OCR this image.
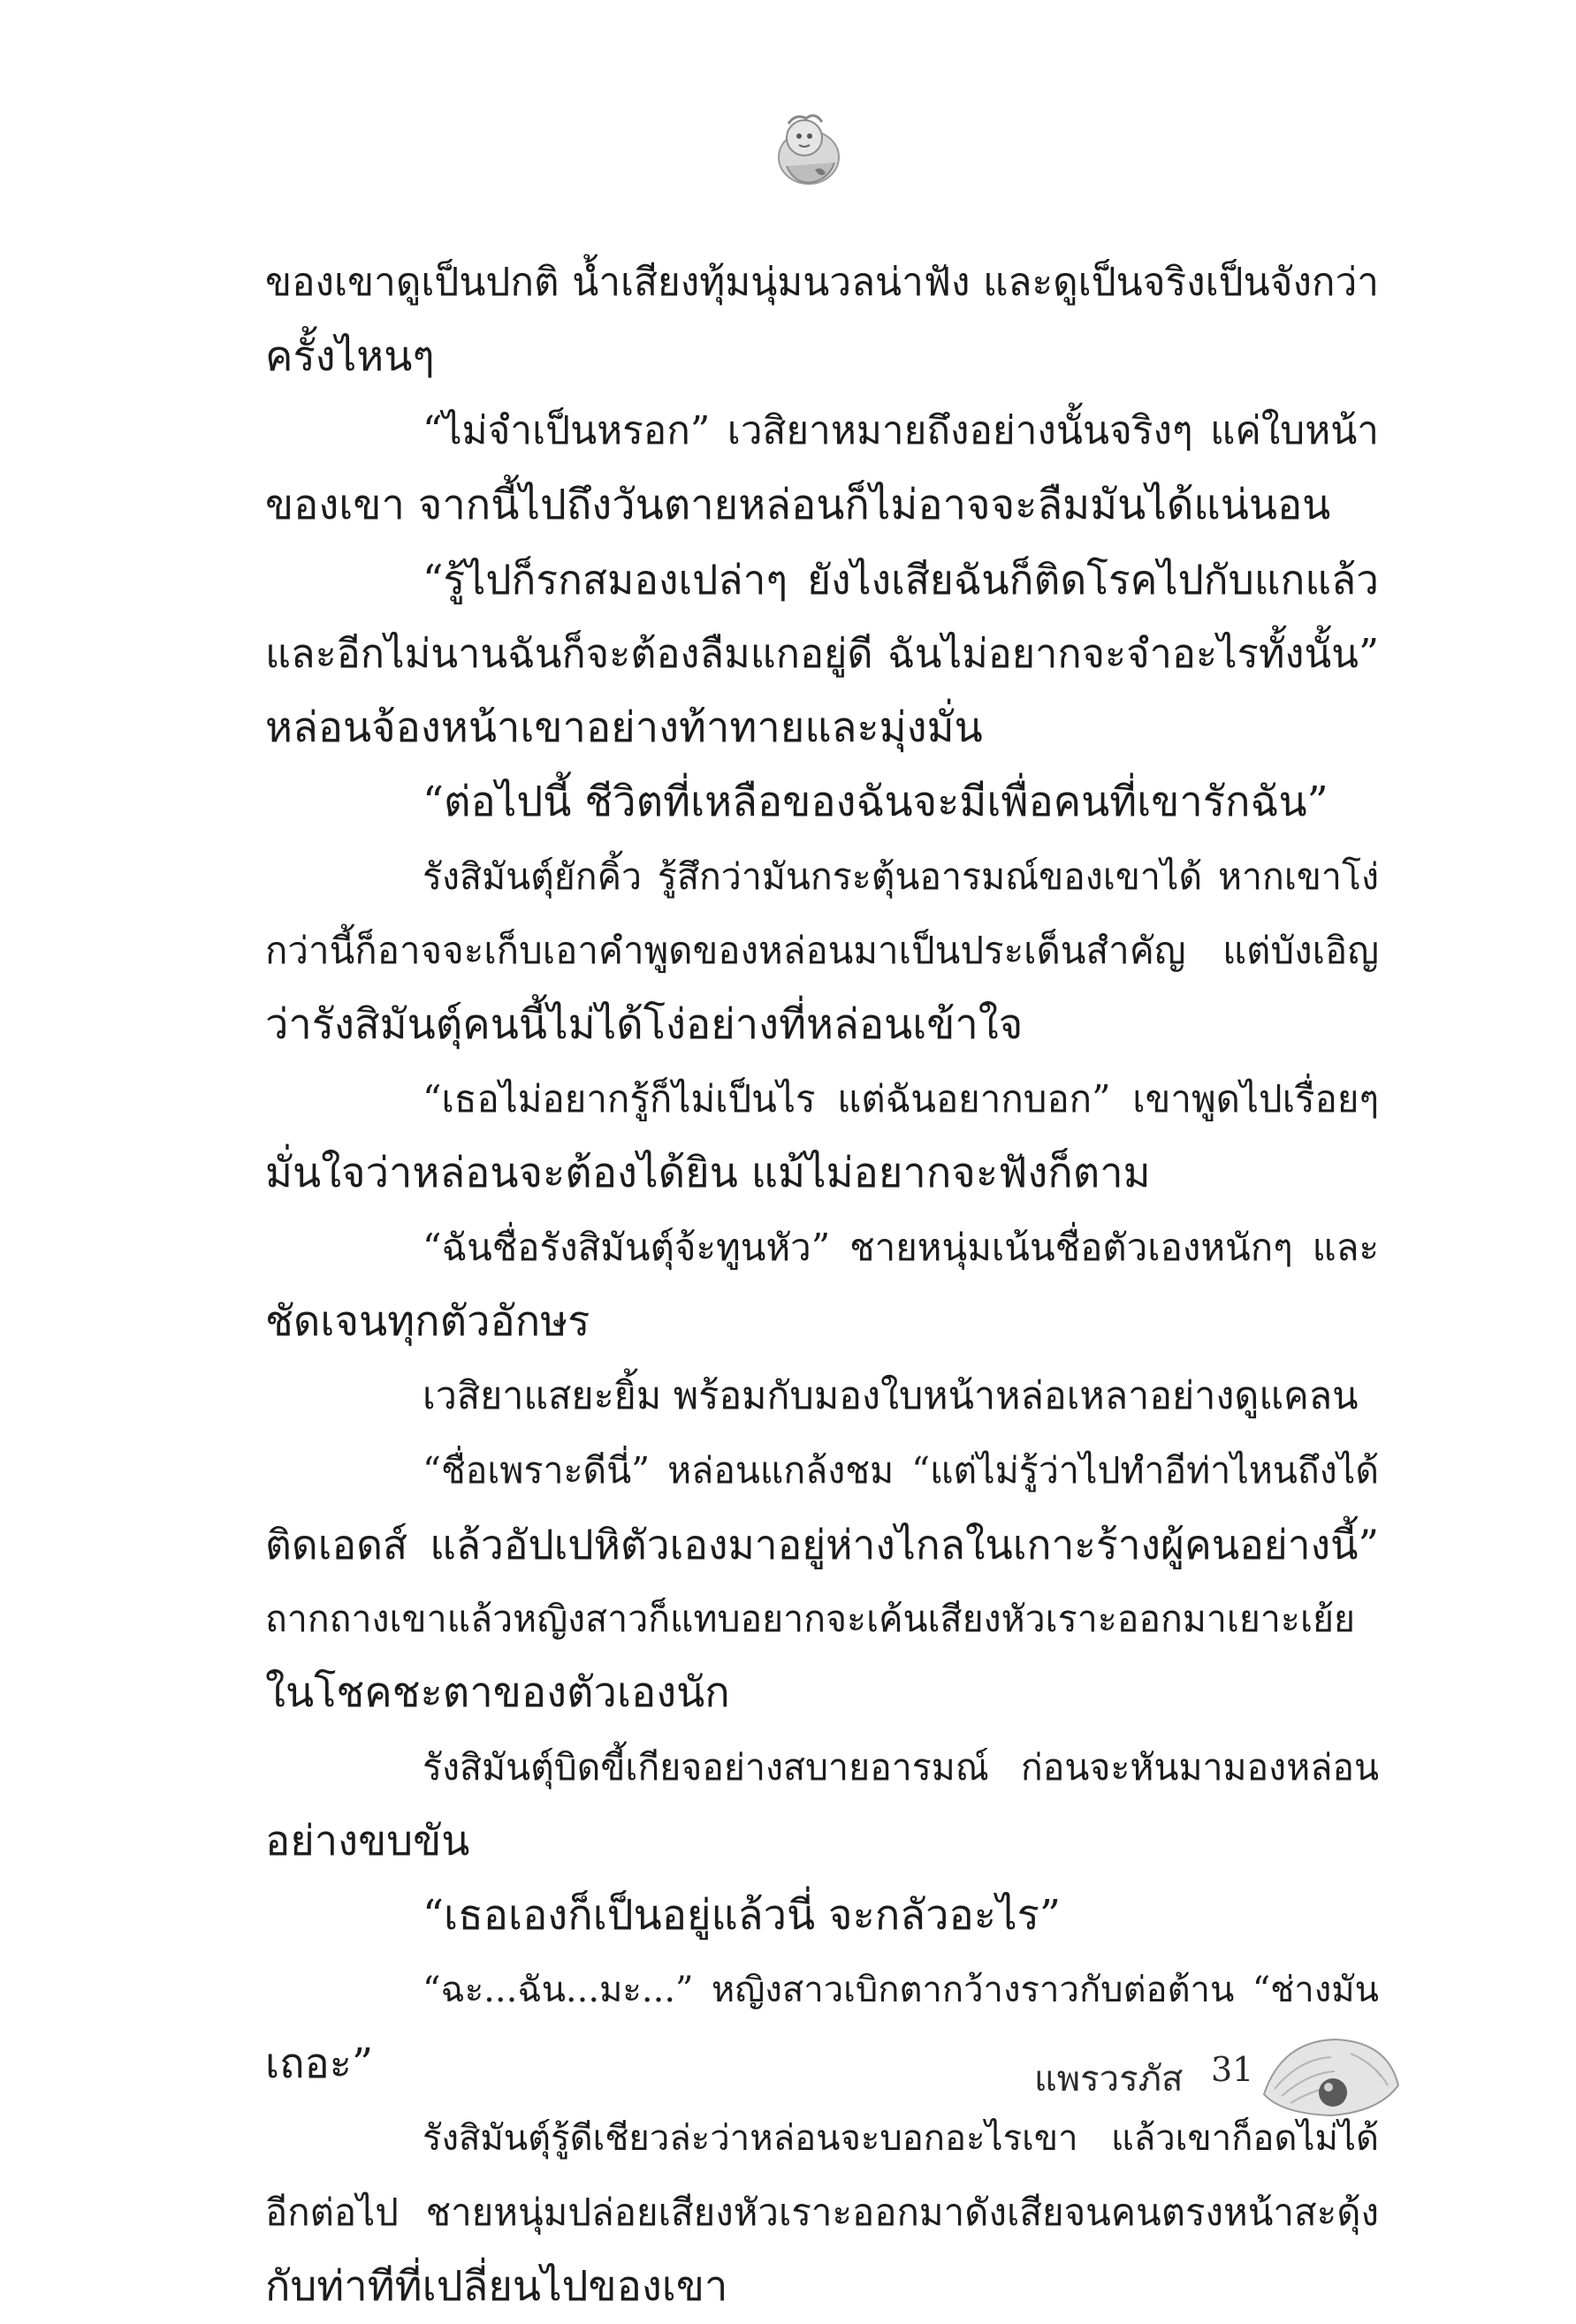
ของเขาดูเป็นปกติ น้ำเสียงทุ้มนุ่มนวลน่าฟัง และดูเป็นจริงเป็นจังกว่า
ครั้งไหนๆ
“ไม่จำเป็นหรอก” เวสิยาหมายถึงอย่างนั้นจริงๆ แค่ใบหน้า
ของเขา จากนี้ไปถึงวันตายหล่อนก็ไม่อาจจะลืมมันได้แน่นอน
“รู้ไปก็รกสมองเปล่าๆ ยังไงเสียฉันก็ติดโรคไปกับแกแล้ว
และอีกไม่นานฉันก็จะต้องลืมแกอยู่ดี ฉันไม่อยากจะจำอะไรทั้งนั้น”
หล่อนจ้องหน้าเขาอย่างท้าทายและมุ่งมั่น
“ต่อไปนี้ ชีวิตที่เหลือของฉันจะมีเพื่อคนที่เขารักฉัน”
รังสิมันตุ์ยักคิ้ว รู้สึกว่ามันกระตุ้นอารมณ์ของเขาได้ หากเขาโง่
กว่านี้ก็อาจจะเก็บเอาคำพูดของหล่อนมาเป็นประเด็นสำคัญ แต่บังเอิญ
ว่ารังสิมันตุ์คนนี้ไม่ได้โง่อย่างที่หล่อนเข้าใจ
“เธอไม่อยากรู้ก็ไม่เป็นไร แต่ฉันอยากบอก” เขาพูดไปเรื่อยๆ
มั่นใจว่าหล่อนจะต้องได้ยิน แม้ไม่อยากจะฟังก็ตาม
“ฉันชื่อรังสิมันตุ์จ้ะทูนหัว” ชายหนุ่มเน้นชื่อตัวเองหนักๆ และ
ชัดเจนทุกตัวอักษร
เวสิยาแสยะยิ้ม พร้อมกับมองใบหน้าหล่อเหลาอย่างดูแคลน
“ชื่อเพราะดีนี่” หล่อนแกล้งชม “แต่ไม่รู้ว่าไปทำอีท่าไหนถึงได้
ติดเอดส์ แล้วอัปเปหิตัวเองมาอยู่ห่างไกลในเกาะร้างผู้คนอย่างนี้”
ถากถางเขาแล้วหญิงสาวก็แทบอยากจะเค้นเสียงหัวเราะออกมาเยาะเย้ย
ในโชคชะตาของตัวเองนัก
รังสิมันตุ์บิดขี้เกียจอย่างสบายอารมณ์ ก่อนจะหันมามองหล่อน
อย่างขบขัน
“เธอเองก็เป็นอยู่แล้วนี่ จะกลัวอะไร”
“ฉะ...ฉัน...มะ...” หญิงสาวเบิกตากว้างราวกับต่อต้าน “ช่างมัน
เถอะ”
รังสิมันตุ์รู้ดีเชียวล่ะว่าหล่อนจะบอกอะไรเขา แล้วเขาก็อดไม่ได้
อีกต่อไป ชายหนุ่มปล่อยเสียงหัวเราะออกมาดังเสียจนคนตรงหน้าสะดุ้ง
กับท่าทีที่เปลี่ยนไปของเขา
แพรวรภัส 31
